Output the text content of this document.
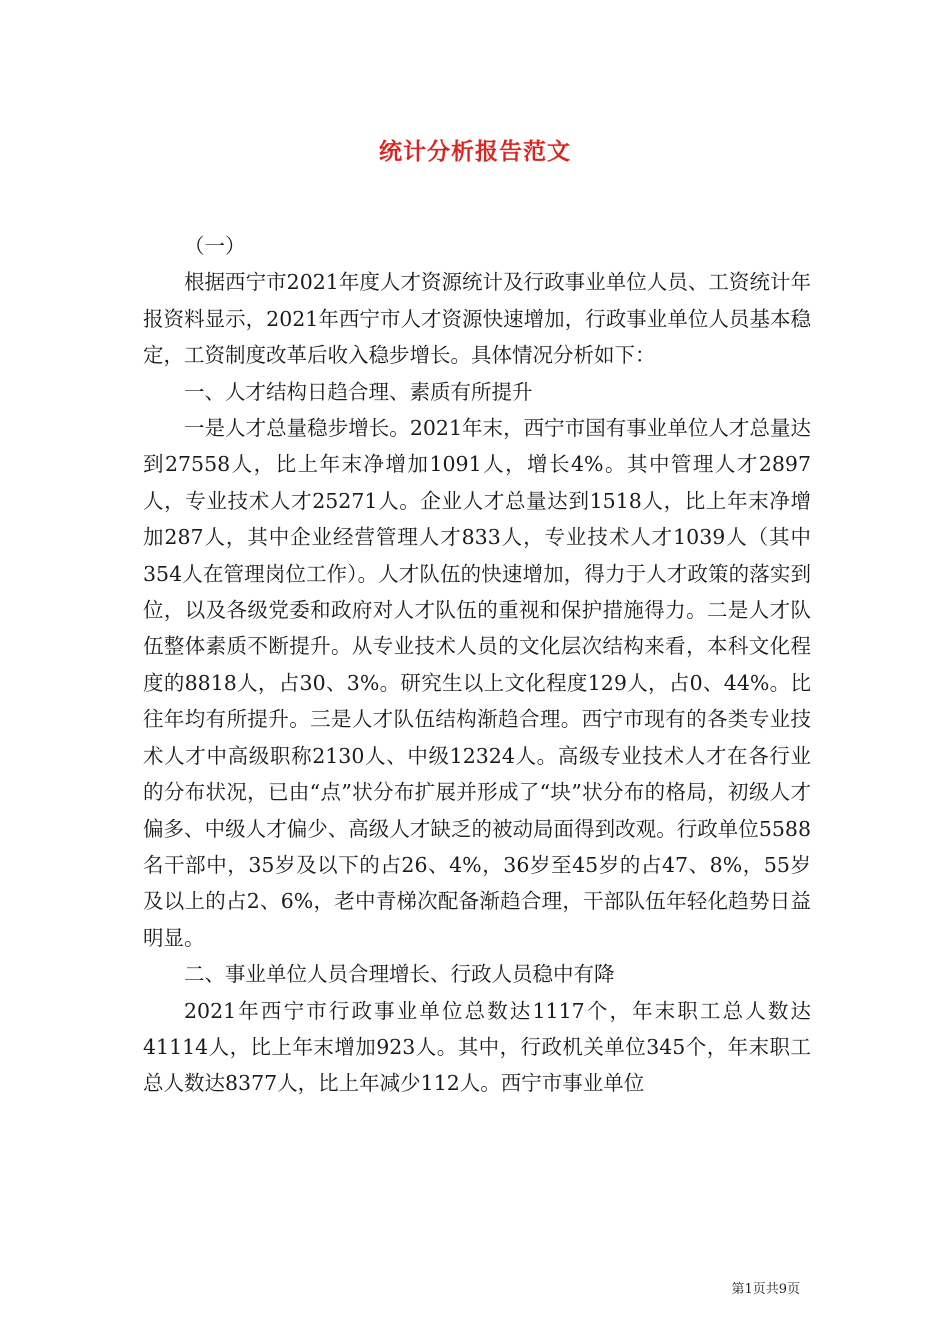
统计分析报告范文

（一）

根据西宁市2021年度人才资源统计及行政事业单位人员、工资统计年报资料显示，2021年西宁市人才资源快速增加，行政事业单位人员基本稳定，工资制度改革后收入稳步增长。具体情况分析如下：

一、人才结构日趋合理、素质有所提升

一是人才总量稳步增长。2021年末，西宁市国有事业单位人才总量达到27558人，比上年末净增加1091人，增长4%。其中管理人才2897人，专业技术人才25271人。企业人才总量达到1518人，比上年末净增加287人，其中企业经营管理人才833人，专业技术人才1039人（其中354人在管理岗位工作）。人才队伍的快速增加，得力于人才政策的落实到位，以及各级党委和政府对人才队伍的重视和保护措施得力。二是人才队伍整体素质不断提升。从专业技术人员的文化层次结构来看，本科文化程度的8818人，占30、3%。研究生以上文化程度129人，占0、44%。比往年均有所提升。三是人才队伍结构渐趋合理。西宁市现有的各类专业技术人才中高级职称2130人、中级12324人。高级专业技术人才在各行业的分布状况，已由“点”状分布扩展并形成了“块”状分布的格局，初级人才偏多、中级人才偏少、高级人才缺乏的被动局面得到改观。行政单位5588名干部中，35岁及以下的占26、4%，36岁至45岁的占47、8%，55岁及以上的占2、6%，老中青梯次配备渐趋合理，干部队伍年轻化趋势日益明显。

二、事业单位人员合理增长、行政人员稳中有降

2021年西宁市行政事业单位总数达1117个，年末职工总人数达41114人，比上年末增加923人。其中，行政机关单位345个，年末职工总人数达8377人，比上年减少112人。西宁市事业单位

第1页共9页
